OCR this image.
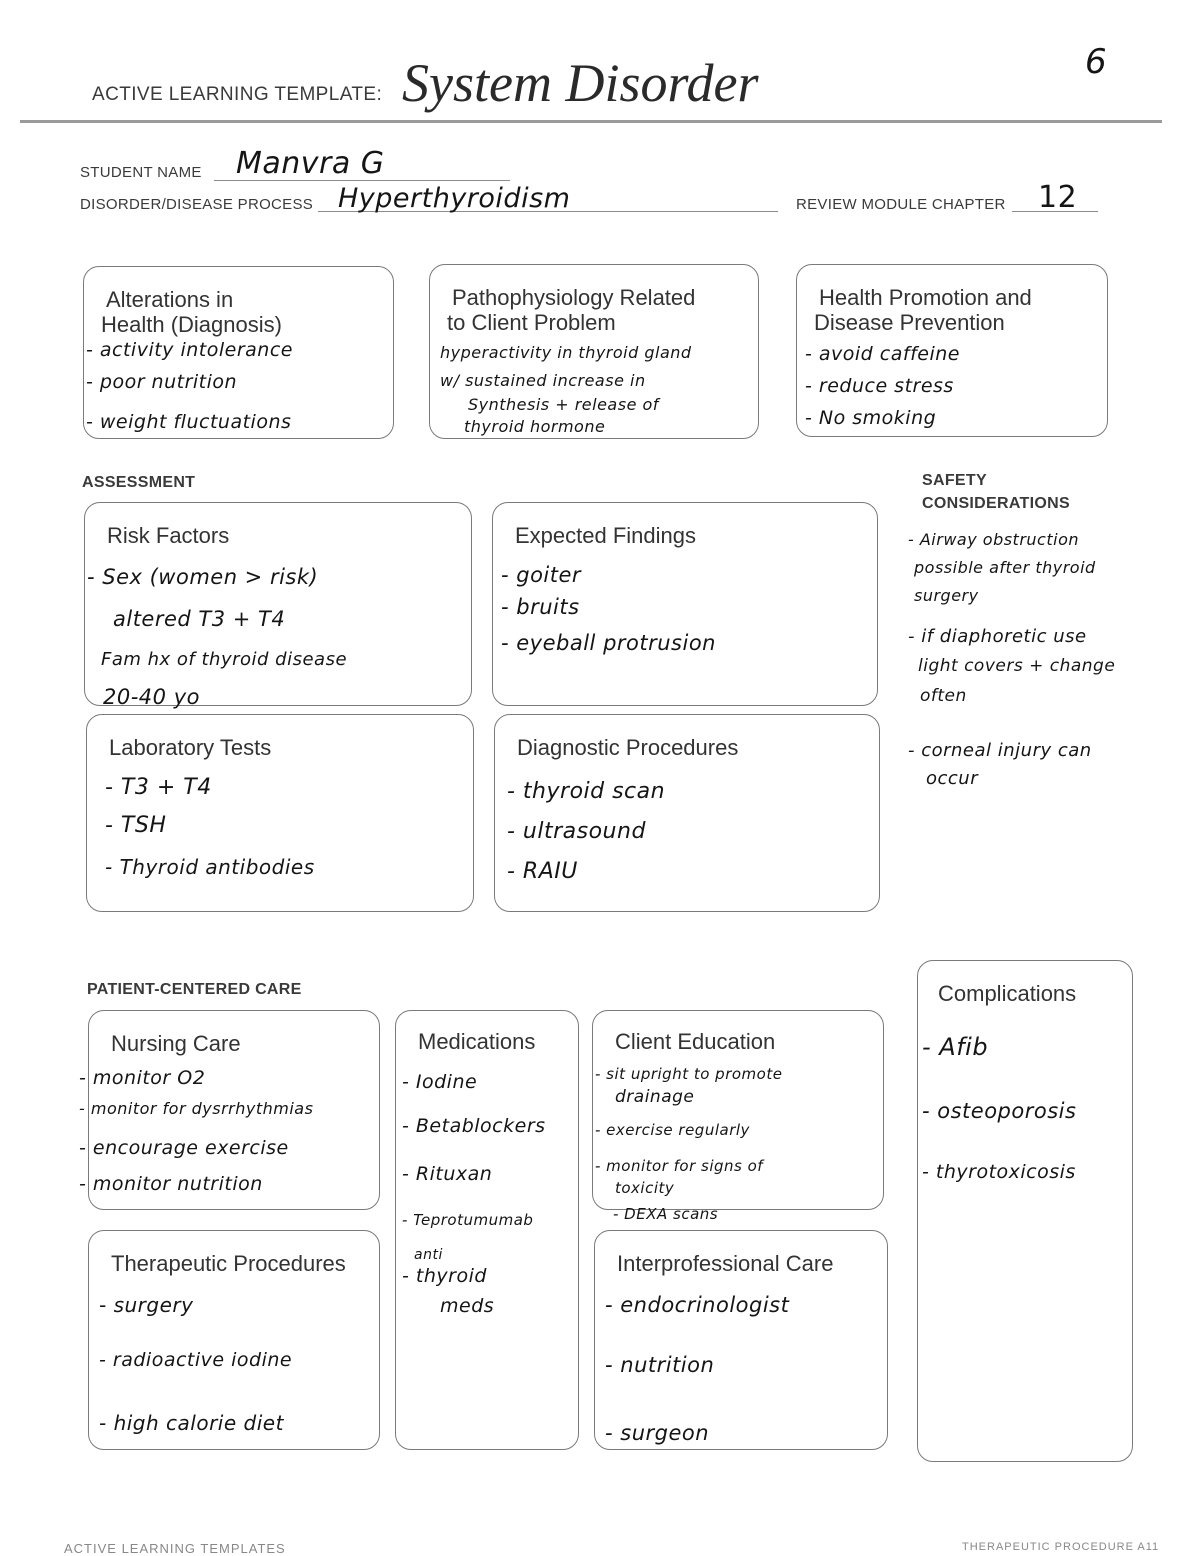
6
ACTIVE LEARNING TEMPLATE: System Disorder
STUDENT NAME Manvra G
DISORDER/DISEASE PROCESS Hyperthyroidism	REVIEW MODULE CHAPTER 12
Alterations in
Health (Diagnosis)
- activity intolerance
- poor nutrition
- weight fluctuations
Pathophysiology Related
to Client Problem
hyperactivity in thyroid gland
w/ sustained increase in
Synthesis + release of
thyroid hormone
Health Promotion and
Disease Prevention
- avoid caffeine
- reduce stress
- No smoking
ASSESSMENT
Risk Factors
- Sex (women > risk)
altered T3 + T4
Fam hx of thyroid disease
20-40 yo
Expected Findings
- goiter
- bruits
- eyeball protrusion
Laboratory Tests
- T3 + T4
- TSH
- Thyroid antibodies
Diagnostic Procedures
- thyroid scan
- ultrasound
- RAIU
SAFETY
CONSIDERATIONS
- Airway obstruction
possible after thyroid
surgery
- if diaphoretic use
light covers + change
often
- corneal injury can
occur
PATIENT-CENTERED CARE
Nursing Care
- monitor O2
- monitor for dysrrhythmias
- encourage exercise
- monitor nutrition
Medications
- Iodine
- Betablockers
- Rituxan
- Teprotumumab
anti
- thyroid
meds
Client Education
- sit upright to promote
drainage
- exercise regularly
- monitor for signs of
toxicity
- DEXA scans
Therapeutic Procedures
- surgery
- radioactive iodine
- high calorie diet
Interprofessional Care
- endocrinologist
- nutrition
- surgeon
Complications
- Afib
- osteoporosis
- thyrotoxicosis
ACTIVE LEARNING TEMPLATES	THERAPEUTIC PROCEDURE A11
